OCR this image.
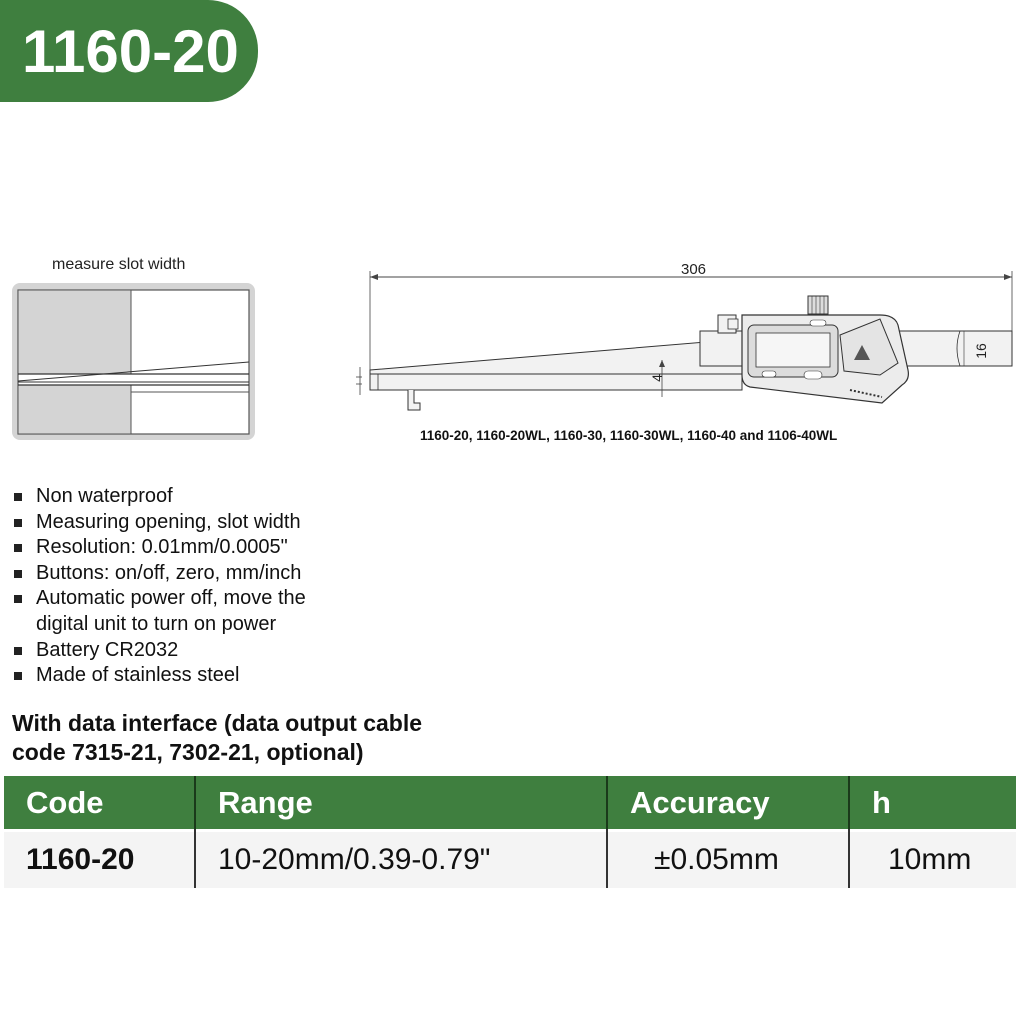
1160-20
measure slot width	306
16
4
1160-20, 1160-20WL, 1160-30, 1160-30WL, 1160-40 and 1106-40WL
Non waterproof
Measuring opening, slot width
Resolution: 0.01mm/0.0005"
Buttons: on/off, zero, mm/inch
Automatic power off, move the
digital unit to turn on power
Battery CR2032
Made of stainless steel
With data interface (data output cable
code 7315-21, 7302-21, optional)
Code	Range	Accuracy	h

1160-20	10-20mm/0.39-0.79"	±0.05mm	10mm
